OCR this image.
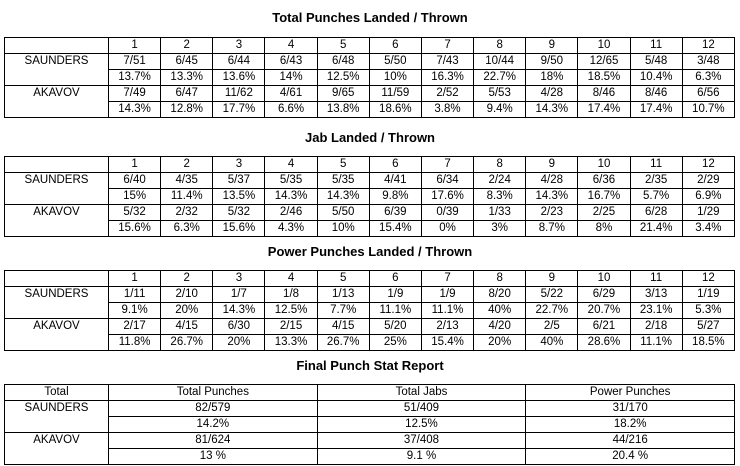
Total Punches Landed / Thrown
	1	2	3	4	5	6	7	8	9	10	11	12
SAUNDERS	7/51	6/45	6/44	6/43	6/48	5/50	7/43	10/44	9/50	12/65	5/48	3/48
	13.7%	13.3%	13.6%	14%	12.5%	10%	16.3%	22.7%	18%	18.5%	10.4%	6.3%
AKAVOV	7/49	6/47	11/62	4/61	9/65	11/59	2/52	5/53	4/28	8/46	8/46	6/56
	14.3%	12.8%	17.7%	6.6%	13.8%	18.6%	3.8%	9.4%	14.3%	17.4%	17.4%	10.7%
Jab Landed / Thrown
	1	2	3	4	5	6	7	8	9	10	11	12
SAUNDERS	6/40	4/35	5/37	5/35	5/35	4/41	6/34	2/24	4/28	6/36	2/35	2/29
	15%	11.4%	13.5%	14.3%	14.3%	9.8%	17.6%	8.3%	14.3%	16.7%	5.7%	6.9%
AKAVOV	5/32	2/32	5/32	2/46	5/50	6/39	0/39	1/33	2/23	2/25	6/28	1/29
	15.6%	6.3%	15.6%	4.3%	10%	15.4%	0%	3%	8.7%	8%	21.4%	3.4%
Power Punches Landed / Thrown
	1	2	3	4	5	6	7	8	9	10	11	12
SAUNDERS	1/11	2/10	1/7	1/8	1/13	1/9	1/9	8/20	5/22	6/29	3/13	1/19
	9.1%	20%	14.3%	12.5%	7.7%	11.1%	11.1%	40%	22.7%	20.7%	23.1%	5.3%
AKAVOV	2/17	4/15	6/30	2/15	4/15	5/20	2/13	4/20	2/5	6/21	2/18	5/27
	11.8%	26.7%	20%	13.3%	26.7%	25%	15.4%	20%	40%	28.6%	11.1%	18.5%
Final Punch Stat Report
Total	Total Punches	Total Jabs	Power Punches
SAUNDERS	82/579	51/409	31/170
	14.2%	12.5%	18.2%
AKAVOV	81/624	37/408	44/216
	13 %	9.1 %	20.4 %
